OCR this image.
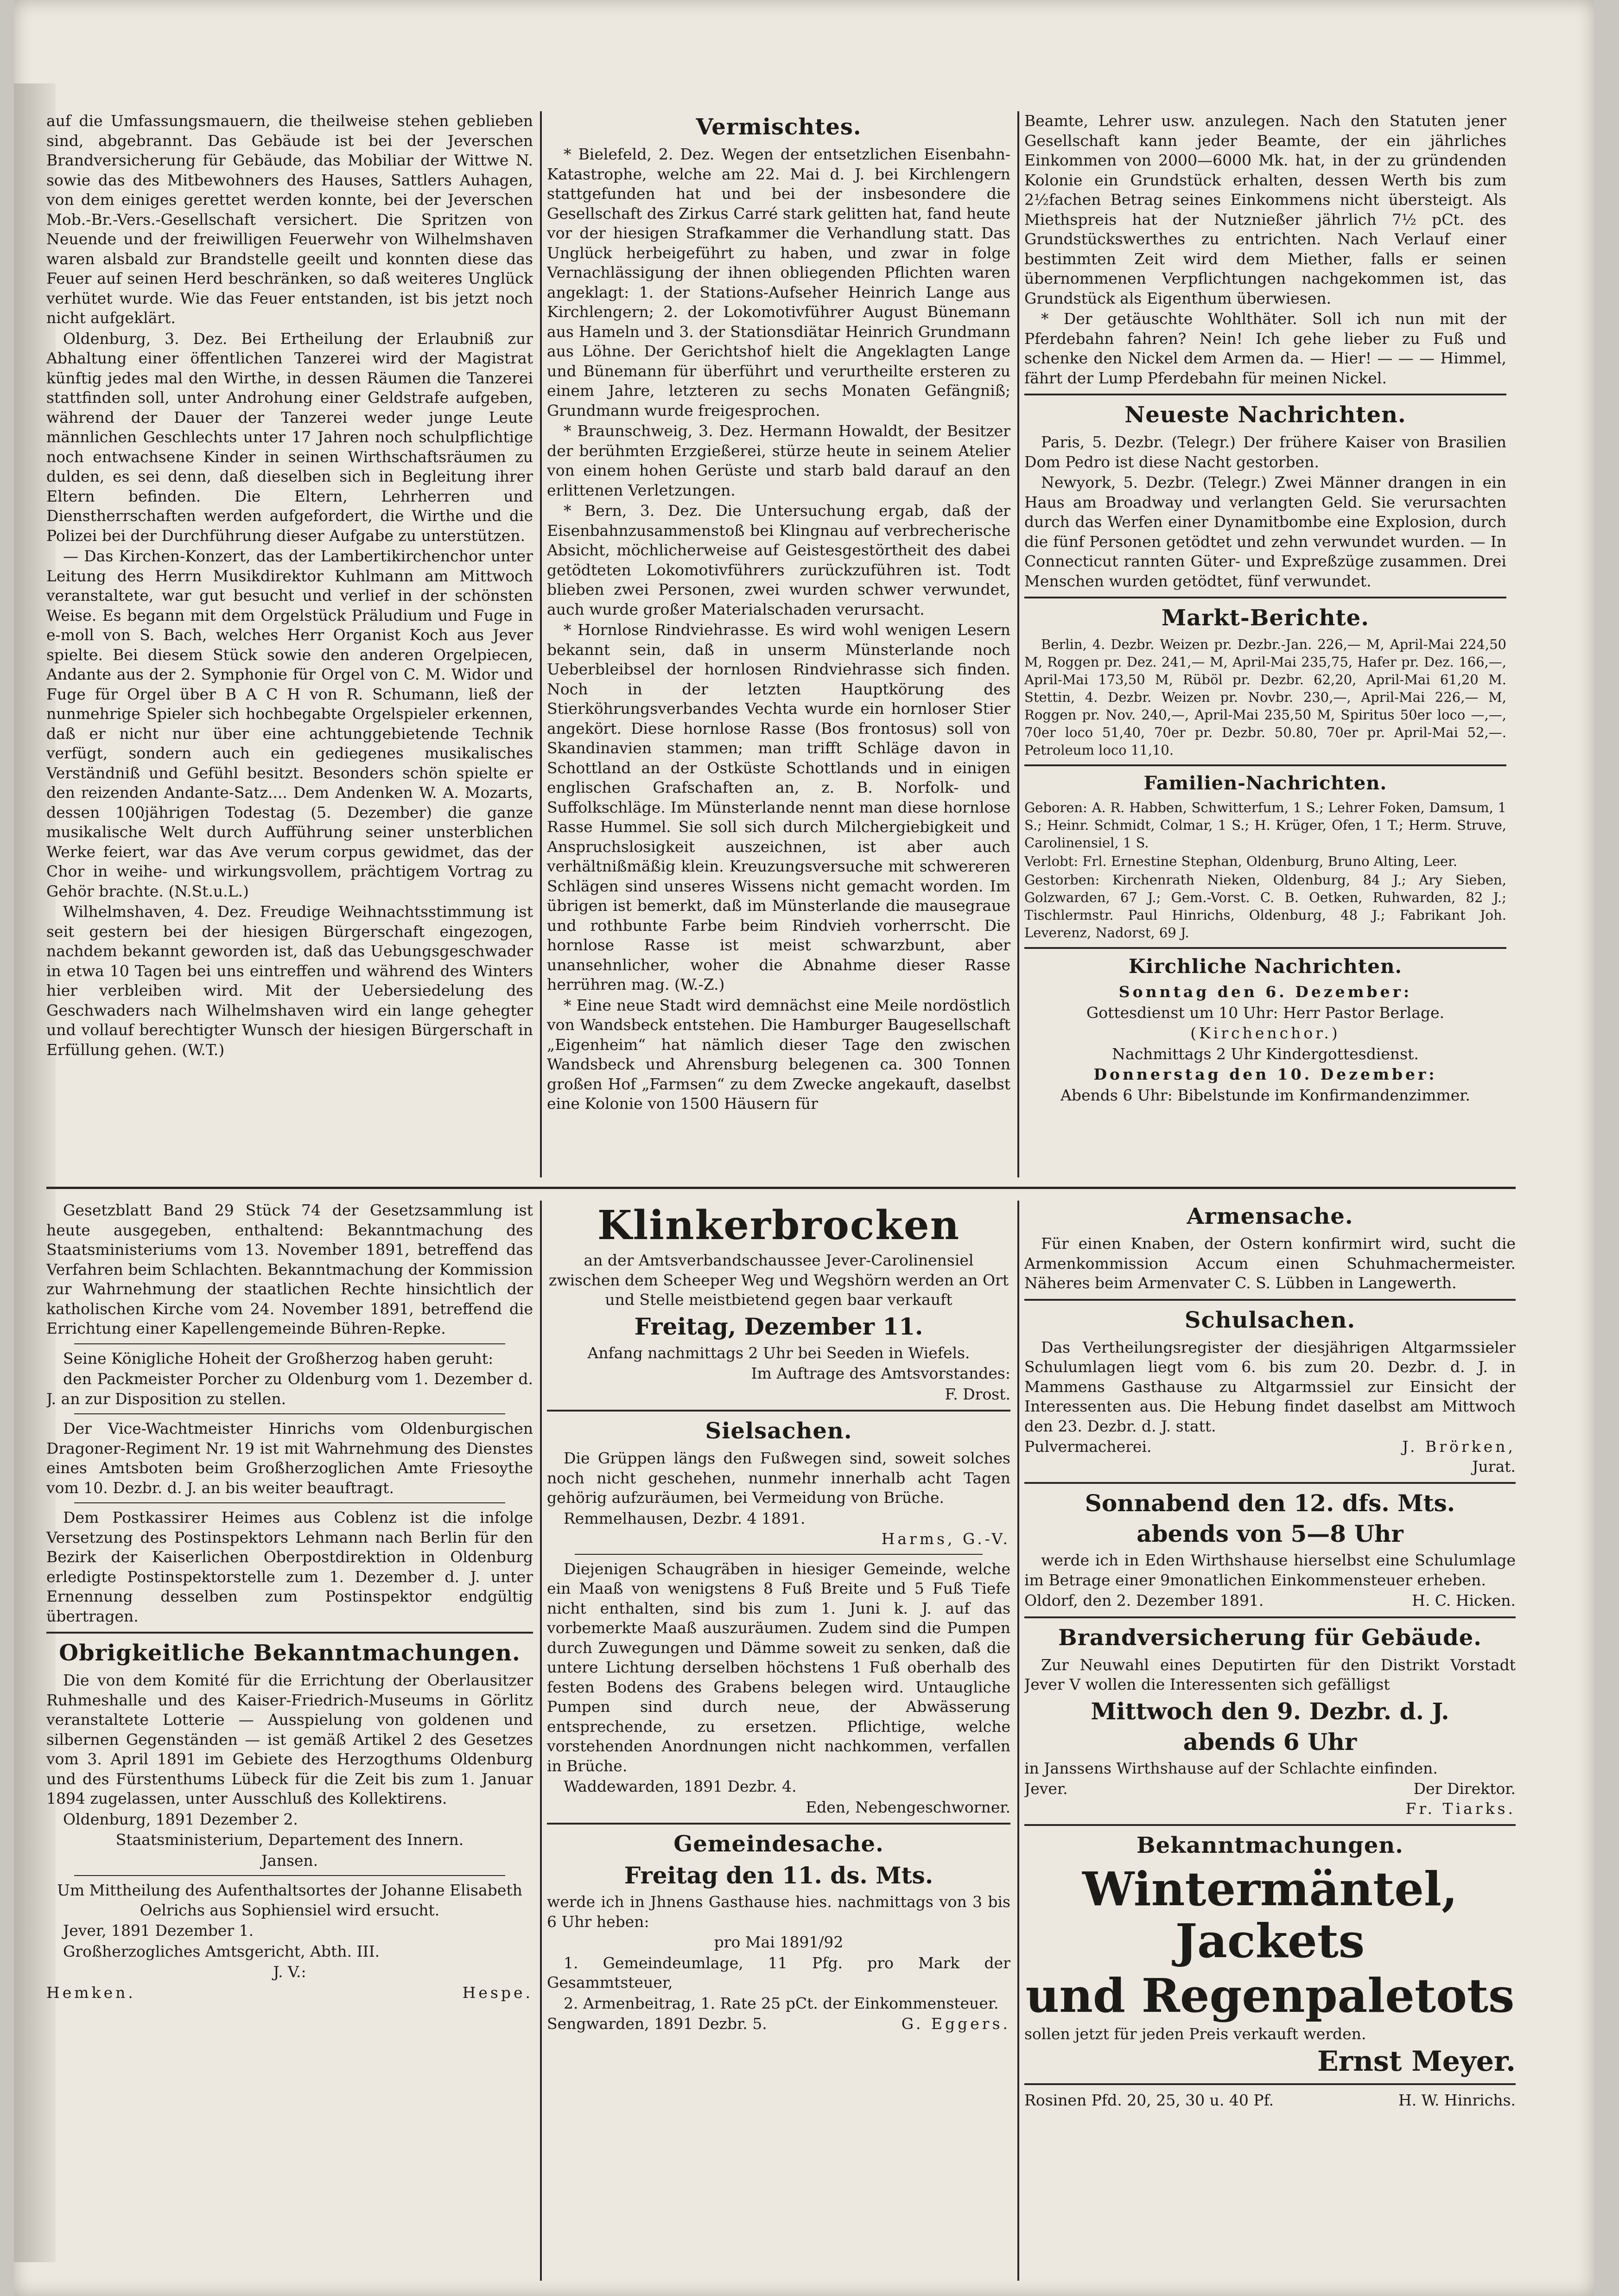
auf die Umfassungsmauern, die theilweise stehen geblieben sind, abgebrannt. Das Gebäude ist bei der Jeverschen Brandversicherung für Gebäude, das Mobiliar der Wittwe N. sowie das des Mitbewohners des Hauses, Sattlers Auhagen, von dem einiges gerettet werden konnte, bei der Jeverschen Mob.-Br.-Vers.-Gesellschaft versichert. Die Spritzen von Neuende und der freiwilligen Feuerwehr von Wilhelmshaven waren alsbald zur Brandstelle geeilt und konnten diese das Feuer auf seinen Herd beschränken, so daß weiteres Unglück verhütet wurde. Wie das Feuer entstanden, ist bis jetzt noch nicht aufgeklärt.

Oldenburg, 3. Dez. Bei Ertheilung der Erlaubniß zur Abhaltung einer öffentlichen Tanzerei wird der Magistrat künftig jedes mal den Wirthe, in dessen Räumen die Tanzerei stattfinden soll, unter Androhung einer Geldstrafe aufgeben, während der Dauer der Tanzerei weder junge Leute männlichen Geschlechts unter 17 Jahren noch schulpflichtige noch entwachsene Kinder in seinen Wirthschaftsräumen zu dulden, es sei denn, daß dieselben sich in Begleitung ihrer Eltern befinden. Die Eltern, Lehrherren und Dienstherrschaften werden aufgefordert, die Wirthe und die Polizei bei der Durchführung dieser Aufgabe zu unterstützen.

— Das Kirchen-Konzert, das der Lambertikirchenchor unter Leitung des Herrn Musikdirektor Kuhlmann am Mittwoch veranstaltete, war gut besucht und verlief in der schönsten Weise. Es begann mit dem Orgelstück Präludium und Fuge in e-moll von S. Bach, welches Herr Organist Koch aus Jever spielte. Bei diesem Stück sowie den anderen Orgelpiecen, Andante aus der 2. Symphonie für Orgel von C. M. Widor und Fuge für Orgel über B A C H von R. Schumann, ließ der nunmehrige Spieler sich hochbegabte Orgelspieler erkennen, daß er nicht nur über eine achtunggebietende Technik verfügt, sondern auch ein gediegenes musikalisches Verständniß und Gefühl besitzt. Besonders schön spielte er den reizenden Andante-Satz.... Dem Andenken W. A. Mozarts, dessen 100jährigen Todestag (5. Dezember) die ganze musikalische Welt durch Aufführung seiner unsterblichen Werke feiert, war das Ave verum corpus gewidmet, das der Chor in weihe- und wirkungsvollem, prächtigem Vortrag zu Gehör brachte. (N.St.u.L.)

Wilhelmshaven, 4. Dez. Freudige Weihnachtsstimmung ist seit gestern bei der hiesigen Bürgerschaft eingezogen, nachdem bekannt geworden ist, daß das Uebungsgeschwader in etwa 10 Tagen bei uns eintreffen und während des Winters hier verbleiben wird. Mit der Uebersiedelung des Geschwaders nach Wilhelmshaven wird ein lange gehegter und vollauf berechtigter Wunsch der hiesigen Bürgerschaft in Erfüllung gehen. (W.T.)

Vermischtes.

* Bielefeld, 2. Dez. Wegen der entsetzlichen Eisenbahn-Katastrophe, welche am 22. Mai d. J. bei Kirchlengern stattgefunden hat und bei der insbesondere die Gesellschaft des Zirkus Carré stark gelitten hat, fand heute vor der hiesigen Strafkammer die Verhandlung statt. Das Unglück herbeigeführt zu haben, und zwar in folge Vernachlässigung der ihnen obliegenden Pflichten waren angeklagt: 1. der Stations-Aufseher Heinrich Lange aus Kirchlengern; 2. der Lokomotivführer August Bünemann aus Hameln und 3. der Stationsdiätar Heinrich Grundmann aus Löhne. Der Gerichtshof hielt die Angeklagten Lange und Bünemann für überführt und verurtheilte ersteren zu einem Jahre, letzteren zu sechs Monaten Gefängniß; Grundmann wurde freigesprochen.

* Braunschweig, 3. Dez. Hermann Howaldt, der Besitzer der berühmten Erzgießerei, stürze heute in seinem Atelier von einem hohen Gerüste und starb bald darauf an den erlittenen Verletzungen.

* Bern, 3. Dez. Die Untersuchung ergab, daß der Eisenbahnzusammenstoß bei Klingnau auf verbrecherische Absicht, möchlicherweise auf Geistesgestörtheit des dabei getödteten Lokomotivführers zurückzuführen ist. Todt blieben zwei Personen, zwei wurden schwer verwundet, auch wurde großer Materialschaden verursacht.

* Hornlose Rindviehrasse. Es wird wohl wenigen Lesern bekannt sein, daß in unserm Münsterlande noch Ueberbleibsel der hornlosen Rindviehrasse sich finden. Noch in der letzten Hauptkörung des Stierköhrungsverbandes Vechta wurde ein hornloser Stier angekört. Diese hornlose Rasse (Bos frontosus) soll von Skandinavien stammen; man trifft Schläge davon in Schottland an der Ostküste Schottlands und in einigen englischen Grafschaften an, z. B. Norfolk- und Suffolkschläge. Im Münsterlande nennt man diese hornlose Rasse Hummel. Sie soll sich durch Milchergiebigkeit und Anspruchslosigkeit auszeichnen, ist aber auch verhältnißmäßig klein. Kreuzungsversuche mit schwereren Schlägen sind unseres Wissens nicht gemacht worden. Im übrigen ist bemerkt, daß im Münsterlande die mausegraue und rothbunte Farbe beim Rindvieh vorherrscht. Die hornlose Rasse ist meist schwarzbunt, aber unansehnlicher, woher die Abnahme dieser Rasse herrühren mag. (W.-Z.)

* Eine neue Stadt wird demnächst eine Meile nordöstlich von Wandsbeck entstehen. Die Hamburger Baugesellschaft „Eigenheim“ hat nämlich dieser Tage den zwischen Wandsbeck und Ahrensburg belegenen ca. 300 Tonnen großen Hof „Farmsen“ zu dem Zwecke angekauft, daselbst eine Kolonie von 1500 Häusern für

Beamte, Lehrer usw. anzulegen. Nach den Statuten jener Gesellschaft kann jeder Beamte, der ein jährliches Einkommen von 2000—6000 Mk. hat, in der zu gründenden Kolonie ein Grundstück erhalten, dessen Werth bis zum 2½fachen Betrag seines Einkommens nicht übersteigt. Als Miethspreis hat der Nutznießer jährlich 7½ pCt. des Grundstückswerthes zu entrichten. Nach Verlauf einer bestimmten Zeit wird dem Miether, falls er seinen übernommenen Verpflichtungen nachgekommen ist, das Grundstück als Eigenthum überwiesen.

* Der getäuschte Wohlthäter. Soll ich nun mit der Pferdebahn fahren? Nein! Ich gehe lieber zu Fuß und schenke den Nickel dem Armen da. — Hier! — — — Himmel, fährt der Lump Pferdebahn für meinen Nickel.

Neueste Nachrichten.

Paris, 5. Dezbr. (Telegr.) Der frühere Kaiser von Brasilien Dom Pedro ist diese Nacht gestorben.

Newyork, 5. Dezbr. (Telegr.) Zwei Männer drangen in ein Haus am Broadway und verlangten Geld. Sie verursachten durch das Werfen einer Dynamitbombe eine Explosion, durch die fünf Personen getödtet und zehn verwundet wurden. — In Connecticut rannten Güter- und Expreßzüge zusammen. Drei Menschen wurden getödtet, fünf verwundet.

Markt-Berichte.

Berlin, 4. Dezbr. Weizen pr. Dezbr.-Jan. 226,— M, April-Mai 224,50 M, Roggen pr. Dez. 241,— M, April-Mai 235,75, Hafer pr. Dez. 166,—, April-Mai 173,50 M, Rüböl pr. Dezbr. 62,20, April-Mai 61,20 M. Stettin, 4. Dezbr. Weizen pr. Novbr. 230,—, April-Mai 226,— M, Roggen pr. Nov. 240,—, April-Mai 235,50 M, Spiritus 50er loco —,—, 70er loco 51,40, 70er pr. Dezbr. 50.80, 70er pr. April-Mai 52,—. Petroleum loco 11,10.

Familien-Nachrichten.

Geboren: A. R. Habben, Schwitterfum, 1 S.; Lehrer Foken, Damsum, 1 S.; Heinr. Schmidt, Colmar, 1 S.; H. Krüger, Ofen, 1 T.; Herm. Struve, Carolinensiel, 1 S.

Verlobt: Frl. Ernestine Stephan, Oldenburg, Bruno Alting, Leer.

Gestorben: Kirchenrath Nieken, Oldenburg, 84 J.; Ary Sieben, Golzwarden, 67 J.; Gem.-Vorst. C. B. Oetken, Ruhwarden, 82 J.; Tischlermstr. Paul Hinrichs, Oldenburg, 48 J.; Fabrikant Joh. Leverenz, Nadorst, 69 J.

Kirchliche Nachrichten.

Sonntag den 6. Dezember:

Gottesdienst um 10 Uhr: Herr Pastor Berlage.

(Kirchenchor.)

Nachmittags 2 Uhr Kindergottesdienst.

Donnerstag den 10. Dezember:

Abends 6 Uhr: Bibelstunde im Konfirmandenzimmer.

Gesetzblatt Band 29 Stück 74 der Gesetzsammlung ist heute ausgegeben, enthaltend: Bekanntmachung des Staatsministeriums vom 13. November 1891, betreffend das Verfahren beim Schlachten. Bekanntmachung der Kommission zur Wahrnehmung der staatlichen Rechte hinsichtlich der katholischen Kirche vom 24. November 1891, betreffend die Errichtung einer Kapellengemeinde Bühren-Repke.

Seine Königliche Hoheit der Großherzog haben geruht:

den Packmeister Porcher zu Oldenburg vom 1. Dezember d. J. an zur Disposition zu stellen.

Der Vice-Wachtmeister Hinrichs vom Oldenburgischen Dragoner-Regiment Nr. 19 ist mit Wahrnehmung des Dienstes eines Amtsboten beim Großherzoglichen Amte Friesoythe vom 10. Dezbr. d. J. an bis weiter beauftragt.

Dem Postkassirer Heimes aus Coblenz ist die infolge Versetzung des Postinspektors Lehmann nach Berlin für den Bezirk der Kaiserlichen Oberpostdirektion in Oldenburg erledigte Postinspektorstelle zum 1. Dezember d. J. unter Ernennung desselben zum Postinspektor endgültig übertragen.

Obrigkeitliche Bekanntmachungen.

Die von dem Komité für die Errichtung der Oberlausitzer Ruhmeshalle und des Kaiser-Friedrich-Museums in Görlitz veranstaltete Lotterie — Ausspielung von goldenen und silbernen Gegenständen — ist gemäß Artikel 2 des Gesetzes vom 3. April 1891 im Gebiete des Herzogthums Oldenburg und des Fürstenthums Lübeck für die Zeit bis zum 1. Januar 1894 zugelassen, unter Ausschluß des Kollektirens.

Oldenburg, 1891 Dezember 2.

Staatsministerium, Departement des Innern.

Jansen.

Um Mittheilung des Aufenthaltsortes der Johanne Elisabeth Oelrichs aus Sophiensiel wird ersucht.

Jever, 1891 Dezember 1.

Großherzogliches Amtsgericht, Abth. III.

J. V.:

Hemken.	Hespe.
Klinkerbrocken

an der Amtsverbandschaussee Jever-Carolinensiel zwischen dem Scheeper Weg und Wegshörn werden an Ort und Stelle meistbietend gegen baar verkauft

Freitag, Dezember 11.

Anfang nachmittags 2 Uhr bei Seeden in Wiefels.

Im Auftrage des Amtsvorstandes:

F. Drost.

Sielsachen.

Die Grüppen längs den Fußwegen sind, soweit solches noch nicht geschehen, nunmehr innerhalb acht Tagen gehörig aufzuräumen, bei Vermeidung von Brüche.

Remmelhausen, Dezbr. 4 1891.

Harms, G.-V.

Diejenigen Schaugräben in hiesiger Gemeinde, welche ein Maaß von wenigstens 8 Fuß Breite und 5 Fuß Tiefe nicht enthalten, sind bis zum 1. Juni k. J. auf das vorbemerkte Maaß auszuräumen. Zudem sind die Pumpen durch Zuwegungen und Dämme soweit zu senken, daß die untere Lichtung derselben höchstens 1 Fuß oberhalb des festen Bodens des Grabens belegen wird. Untaugliche Pumpen sind durch neue, der Abwässerung entsprechende, zu ersetzen. Pflichtige, welche vorstehenden Anordnungen nicht nachkommen, verfallen in Brüche.

Waddewarden, 1891 Dezbr. 4.

Eden, Nebengeschworner.

Gemeindesache.
Freitag den 11. ds. Mts.

werde ich in Jhnens Gasthause hies. nachmittags von 3 bis 6 Uhr heben:

pro Mai 1891/92

1. Gemeindeumlage, 11 Pfg. pro Mark der Gesammtsteuer,

2. Armenbeitrag, 1. Rate 25 pCt. der Einkommensteuer.

Sengwarden, 1891 Dezbr. 5.	G. Eggers.
Armensache.

Für einen Knaben, der Ostern konfirmirt wird, sucht die Armenkommission Accum einen Schuhmachermeister. Näheres beim Armenvater C. S. Lübben in Langewerth.

Schulsachen.

Das Vertheilungsregister der diesjährigen Altgarmssieler Schulumlagen liegt vom 6. bis zum 20. Dezbr. d. J. in Mammens Gasthause zu Altgarmssiel zur Einsicht der Interessenten aus. Die Hebung findet daselbst am Mittwoch den 23. Dezbr. d. J. statt.

Pulvermacherei.	J. Brörken,

Jurat.

Sonnabend den 12. dfs. Mts.
abends von 5—8 Uhr

werde ich in Eden Wirthshause hierselbst eine Schulumlage im Betrage einer 9monatlichen Einkommensteuer erheben.

Oldorf, den 2. Dezember 1891.	H. C. Hicken.
Brandversicherung für Gebäude.

Zur Neuwahl eines Deputirten für den Distrikt Vorstadt Jever V wollen die Interessenten sich gefälligst

Mittwoch den 9. Dezbr. d. J.
abends 6 Uhr

in Janssens Wirthshause auf der Schlachte einfinden.

Jever.	Der Direktor.

Fr. Tiarks.

Bekanntmachungen.
Wintermäntel, Jackets
und Regenpaletots

sollen jetzt für jeden Preis verkauft werden.

Ernst Meyer.

Rosinen Pfd. 20, 25, 30 u. 40 Pf.	H. W. Hinrichs.
